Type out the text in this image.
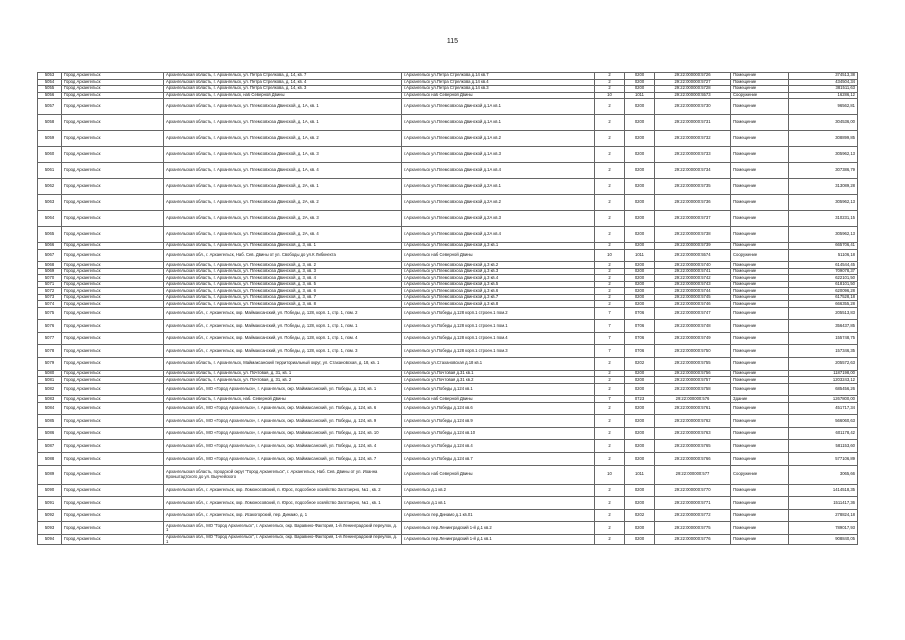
115
5053	Город Архангельск	Архангельская область, г. Архангельск, ул. Петра Стрелкова, д. 14, кв. 7	г.Архангельск ул.Петра Стрелкова д.14 кв.7	2	0200	29:22:000000:5726	Помещение	374513,38
5054	Город Архангельск	Архангельская область, г. Архангельск, ул. Петра Стрелкова, д. 14, кв. 4	г.Архангельск ул.Петра Стрелкова д.14 кв.4	2	0200	29:22:000000:5727	Помещение	434504,34
5055	Город Архангельск	Архангельская область, г. Архангельск, ул. Петра Стрелкова, д. 14, кв. 3	г.Архангельск ул.Петра Стрелкова д.14 кв.3	2	0200	29:22:000000:5728	Помещение	381511,63
5056	Город Архангельск	Архангельская область, г. Архангельск, наб Северной Двины	г.Архангельск наб Северной Двины	10	1011	29:22:000000:5573	Сооружение	16286,12
5057	Город Архангельск	Архангельская область, г. Архангельск, ул. Племсовхоза Двинской, д. 1А, кв. 1	г.Архангельск ул.Племсовхоза Двинской д.1А кв.1	2	0200	29:22:000000:5730	Помещение	96562,81
5058	Город Архангельск	Архангельская область, г. Архангельск, ул. Племсовхоза Двинской, д. 1А, кв. 1	г.Архангельск ул.Племсовхоза Двинской д.1А кв.1	2	0200	29:22:000000:5731	Помещение	304536,00
5059	Город Архангельск	Архангельская область, г. Архангельск, ул. Племсовхоза Двинской, д. 1А, кв. 2	г.Архангельск ул.Племсовхоза Двинской д.1А кв.2	2	0200	29:22:000000:5732	Помещение	308899,85
5060	Город Архангельск	Архангельская область, г. Архангельск, ул. Племсовхоза Двинской, д. 1А, кв. 3	г.Архангельск ул.Племсовхоза Двинской д.1А кв.3	2	0200	29:22:000000:5733	Помещение	305962,13
5061	Город Архангельск	Архангельская область, г. Архангельск, ул. Племсовхоза Двинской, д. 1А, кв. 4	г.Архангельск ул.Племсовхоза Двинской д.1А кв.4	2	0200	29:22:000000:5734	Помещение	307386,79
5062	Город Архангельск	Архангельская область, г. Архангельск, ул. Племсовхоза Двинской, д. 2А, кв. 1	г.Архангельск ул.Племсовхоза Двинской д.2А кв.1	2	0200	29:22:000000:5735	Помещение	313089,28
5063	Город Архангельск	Архангельская область, г. Архангельск, ул. Племсовхоза Двинской, д. 2А, кв. 2	г.Архангельск ул.Племсовхоза Двинской д.2А кв.2	2	0200	29:22:000000:5736	Помещение	305962,13
5064	Город Архангельск	Архангельская область, г. Архангельск, ул. Племсовхоза Двинской, д. 2А, кв. 3	г.Архангельск ул.Племсовхоза Двинской д.2А кв.3	2	0200	29:22:000000:5737	Помещение	310231,15
5065	Город Архангельск	Архангельская область, г. Архангельск, ул. Племсовхоза Двинской, д. 2А, кв. 4	г.Архангельск ул.Племсовхоза Двинской д.2А кв.4	2	0200	29:22:000000:5738	Помещение	305962,13
5066	Город Архангельск	Архангельская область, г. Архангельск, ул. Племсовхоза Двинской, д. 3, кв. 1	г.Архангельск ул.Племсовхоза Двинской д.3 кв.1	2	0200	29:22:000000:5739	Помещение	665706,41
5067	Город Архангельск	Архангельская обл., г. Архангельск, Наб. Сев. Двины от ул. Свободы до ул.К Либкнехта	г.Архангельск наб Северной Двины	10	1011	29:22:000000:5574	Сооружение	51106,18
5068	Город Архангельск	Архангельская область, г. Архангельск, ул. Племсовхоза Двинской, д. 3, кв. 2	г.Архангельск ул.Племсовхоза Двинской д.3 кв.2	2	0200	29:22:000000:5740	Помещение	614544,45
5069	Город Архангельск	Архангельская область, г. Архангельск, ул. Племсовхоза Двинской, д. 3, кв. 3	г.Архангельск ул.Племсовхоза Двинской д.3 кв.3	2	0200	29:22:000000:5741	Помещение	709078,37
5070	Город Архангельск	Архангельская область, г. Архангельск, ул. Племсовхоза Двинской, д. 3, кв. 4	г.Архангельск ул.Племсовхоза Двинской д.3 кв.4	2	0200	29:22:000000:5742	Помещение	622101,50
5071	Город Архангельск	Архангельская область, г. Архангельск, ул. Племсовхоза Двинской, д. 3, кв. 5	г.Архангельск ул.Племсовхоза Двинской д.3 кв.5	2	0200	29:22:000000:5743	Помещение	618101,50
5072	Город Архангельск	Архангельская область, г. Архангельск, ул. Племсовхоза Двинской, д. 3, кв. 6	г.Архангельск ул.Племсовхоза Двинской д.3 кв.6	2	0200	29:22:000000:5744	Помещение	620096,28
5073	Город Архангельск	Архангельская область, г. Архангельск, ул. Племсовхоза Двинской, д. 3, кв. 7	г.Архангельск ул.Племсовхоза Двинской д.3 кв.7	2	0200	29:22:000000:5745	Помещение	617528,18
5074	Город Архангельск	Архангельская область, г. Архангельск, ул. Племсовхоза Двинской, д. 3, кв. 8	г.Архангельск ул.Племсовхоза Двинской д.3 кв.8	2	0200	29:22:000000:5746	Помещение	666355,28
5075	Город Архангельск	Архангельская обл., г. Архангельск, окр. Маймаксанский, ул. Победы, д. 128, корп. 1, стр. 1, пом. 2	г.Архангельск ул.Победы д.128 корп.1 строен.1 пом.2	7	0706	29:22:000000:5747	Помещение	205513,83
5076	Город Архангельск	Архангельская обл., г. Архангельск, окр. Маймаксанский, ул. Победы, д. 128, корп. 1, стр. 1, пом. 1	г.Архангельск ул.Победы д.128 корп.1 строен.1 пом.1	7	0706	29:22:000000:5748	Помещение	356437,85
5077	Город Архангельск	Архангельская обл., г. Архангельск, окр. Маймаксанский, ул. Победы, д. 128, корп. 1, стр. 1, пом. 4	г.Архангельск ул.Победы д.128 корп.1 строен.1 пом.4	7	0706	29:22:000000:5749	Помещение	155748,75
5078	Город Архангельск	Архангельская обл., г. Архангельск, окр. Маймаксанский, ул. Победы, д. 128, корп. 1, стр. 1, пом. 3	г.Архангельск ул.Победы д.128 корп.1 строен.1 пом.3	7	0706	29:22:000000:5750	Помещение	157346,35
5079	Город Архангельск	Архангельская область, г. Архангельск, Маймаксанский территориальный округ, ул. Стахановская, д. 18, кв. 1	г.Архангельск ул.Стахановская д.18 кв.1	2	0202	29:22:000000:5755	Помещение	205572,63
5080	Город Архангельск	Архангельская область, г. Архангельск, ул. Почтовая, д. 31, кв. 1	г.Архангельск ул.Почтовая д.31 кв.1	2	0200	29:22:000000:5756	Помещение	1187198,00
5081	Город Архангельск	Архангельская область, г. Архангельск, ул. Почтовая, д. 31, кв. 2	г.Архангельск ул.Почтовая д.31 кв.2	2	0200	29:22:000000:5757	Помещение	1203243,12
5082	Город Архангельск	Архангельская обл., МО «Город Архангельск», г. Архангельск, окр. Маймаксанский, ул. Победы, д. 124, кв. 1	г.Архангельск ул.Победы д.124 кв.1	2	0200	29:22:000000:5758	Помещение	685456,26
5083	Город Архангельск	Архангельская область, г. Архангельск, наб. Северной Двины	г.Архангельск наб Северной Двины	7	0723	29:22:000000:576	Здание	1267800,00
5084	Город Архангельск	Архангельская обл., МО «Город Архангельск», г. Архангельск, окр. Маймаксанский, ул. Победы, д. 124, кв. 6	г.Архангельск ул.Победы д.124 кв.6	2	0200	29:22:000000:5761	Помещение	451717,34
5085	Город Архангельск	Архангельская обл., МО «Город Архангельск», г. Архангельск, окр. Маймаксанский, ул. Победы, д. 124, кв. 9	г.Архангельск ул.Победы д.124 кв.9	2	0200	29:22:000000:5762	Помещение	566060,63
5086	Город Архангельск	Архангельская обл., МО «Город Архангельск», г. Архангельск, окр. Маймаксанский, ул. Победы, д. 124, кв. 10	г.Архангельск ул.Победы д.124 кв.10	2	0200	29:22:000000:5763	Помещение	601178,42
5087	Город Архангельск	Архангельская обл., МО «Город Архангельск», г. Архангельск, окр. Маймаксанский, ул. Победы, д. 124, кв. 4	г.Архангельск ул.Победы д.124 кв.4	2	0200	29:22:000000:5765	Помещение	581153,60
5088	Город Архангельск	Архангельская обл., МО «Город Архангельск», г. Архангельск, окр. Маймаксанский, ул. Победы, д. 124, кв. 7	г.Архангельск ул.Победы д.124 кв.7	2	0200	29:22:000000:5766	Помещение	577106,89
5089	Город Архангельск	Архангельская область, городской округ "Город Архангельск", г. Архангельск, Наб. Сев. Двины от ул. Иоанна Кронштадтского до ул. Выучейского	г.Архангельск наб Северной Двины	10	1011	29:22:000000:577	Сооружение	3065,66
5090	Город Архангельск	Архангельская обл., г. Архангельск, окр. Ломоносовский, п. Юрос, подсобное хозяйство Заготзерно, №1 , кв. 2	г.Архангельск д.1 кв.2	2	0200	29:22:000000:5770	Помещение	1414518,35
5091	Город Архангельск	Архангельская обл., г. Архангельск, окр. Ломоносовский, п. Юрос, подсобное хозяйство Заготзерно, №1 , кв. 1	г.Архангельск д.1 кв.1	2	0200	29:22:000000:5771	Помещение	1511417,36
5092	Город Архангельск	Архангельская обл., г. Архангельск, окр. Исакогорский, пер. Динамо, д. 1	г.Архангельск пер.Динамо д.1 кв.01	2	0202	29:22:000000:5772	Помещение	278824,18
5093	Город Архангельск	Архангельская обл., МО "Город Архангельск", г. Архангельск, окр. Варавино-Фактория, 1-й Ленинградский переулок, д. 1	г.Архангельск пер.Ленинградский 1-й д.1 кв.2	2	0200	29:22:000000:5775	Помещение	789017,93
5094	Город Архангельск	Архангельская обл., МО "Город Архангельск", г. Архангельск, окр. Варавино-Фактория, 1-й Ленинградский переулок, д. 1	г.Архангельск пер.Ленинградский 1-й д.1 кв.1	2	0200	29:22:000000:5776	Помещение	908840,05
